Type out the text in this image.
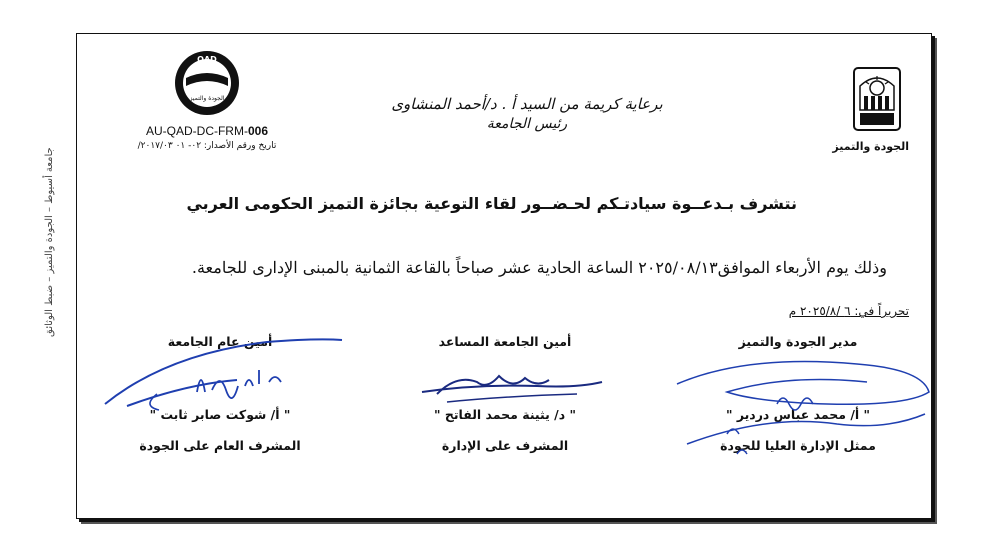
جامعة أسيوط – الجودة والتميز – ضبط الوثائق
الجودة والتميز
برعاية كريمة من السيد أ . د/أحمد المنشاوى
رئيس الجامعة
QAD
الجودة والتميز
AU-QAD-DC-FRM-006
تاريخ ورقم الأصدار: ٠٢- ٠١ ٢٠١٧/٠٣/
نتشرف بـدعــوة سيادتـكم لحـضــور لقاء التوعية بجائزة التميز الحكومى العربي
وذلك يوم الأربعاء الموافق٢٠٢٥/٠٨/١٣ الساعة الحادية عشر صباحاً بالقاعة الثمانية بالمبنى الإدارى للجامعة.
تحريراً في: ٦ /٢٠٢٥/٨ م
مدير الجودة والتميز
" أ/ محمد عباس دردير "
ممثل الإدارة العليا للجودة
أمين الجامعة المساعد
" د/ يثينة محمد الفاتح "
المشرف على الإدارة
أمين عام الجامعة
" أ/ شوكت صابر ثابت "
المشرف العام على الجودة
